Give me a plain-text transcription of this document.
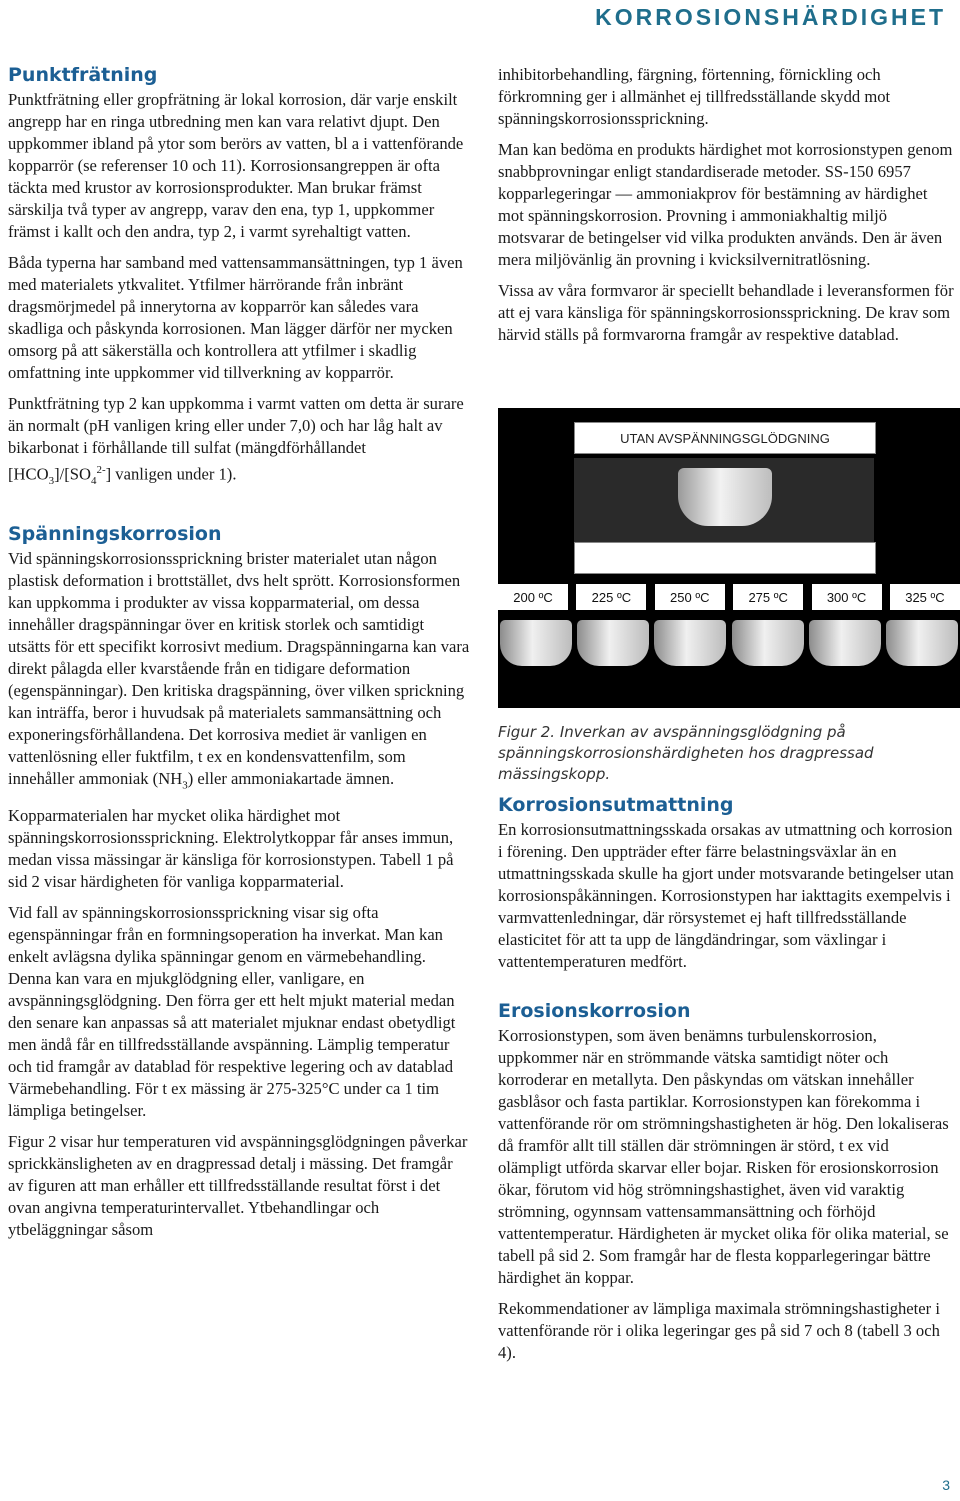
KORROSIONSHÄRDIGHET
Punktfrätning

Punktfrätning eller gropfrätning är lokal korrosion, där varje enskilt angrepp har en ringa utbredning men kan vara relativt djupt. Den uppkommer ibland på ytor som berörs av vatten, bl a i vattenförande kopparrör (se referenser 10 och 11). Korrosionsangreppen är ofta täckta med krustor av korrosionsprodukter. Man brukar främst särskilja två typer av angrepp, varav den ena, typ 1, uppkommer främst i kallt och den andra, typ 2, i varmt syrehaltigt vatten.

Båda typerna har samband med vattensammansättningen, typ 1 även med materialets ytkvalitet. Ytfilmer härrörande från inbränt dragsmörjmedel på innerytorna av kopparrör kan således vara skadliga och påskynda korrosionen. Man lägger därför ner mycken omsorg på att säkerställa och kontrollera att ytfilmer i skadlig omfattning inte uppkommer vid tillverkning av kopparrör.

Punktfrätning typ 2 kan uppkomma i varmt vatten om detta är surare än normalt (pH vanligen kring eller under 7,0) och har låg halt av bikarbonat i förhållande till sulfat (mängdförhållandet $[HCO_3]/[SO_4^{2-}]$ vanligen under 1).

Spänningskorrosion

Vid spänningskorrosionssprickning brister materialet utan någon plastisk deformation i brottstället, dvs helt sprött. Korrosionsformen kan uppkomma i produkter av vissa kopparmaterial, om dessa innehåller dragspänningar över en kritisk storlek och samtidigt utsätts för ett specifikt korrosivt medium. Dragspänningarna kan vara direkt pålagda eller kvarstående från en tidigare deformation (egenspänningar). Den kritiska dragspänning, över vilken sprickning kan inträffa, beror i huvudsak på materialets sammansättning och exponeringsförhållandena. Det korrosiva mediet är vanligen en vattenlösning eller fuktfilm, t ex en kondensvattenfilm, som innehåller ammoniak $(NH_3)$ eller ammoniakartade ämnen.

Kopparmaterialen har mycket olika härdighet mot spänningskorrosionssprickning. Elektrolytkoppar får anses immun, medan vissa mässingar är känsliga för korrosionstypen. Tabell 1 på sid 2 visar härdigheten för vanliga kopparmaterial.

Vid fall av spänningskorrosionssprickning visar sig ofta egenspänningar från en formningsoperation ha inverkat. Man kan enkelt avlägsna dylika spänningar genom en värmebehandling. Denna kan vara en mjukglödgning eller, vanligare, en avspänningsglödgning. Den förra ger ett helt mjukt material medan den senare kan anpassas så att materialet mjuknar endast obetydligt men ändå får en tillfredsställande avspänning. Lämplig temperatur och tid framgår av datablad för respektive legering och av datablad Värmebehandling. För t ex mässing är 275-325°C under ca 1 tim lämpliga betingelser.

Figur 2 visar hur temperaturen vid avspänningsglödgningen påverkar sprickkänsligheten av en dragpressad detalj i mässing. Det framgår av figuren att man erhåller ett tillfredsställande resultat först i det ovan angivna temperaturintervallet. Ytbehandlingar och ytbeläggningar såsom

inhibitorbehandling, färgning, förtenning, förnickling och förkromning ger i allmänhet ej tillfredsställande skydd mot spänningskorrosionssprickning.

Man kan bedöma en produkts härdighet mot korrosionstypen genom snabbprovningar enligt standardiserade metoder. SS-150 6957 kopparlegeringar — ammoniakprov för bestämning av härdighet mot spänningskorrosion. Provning i ammoniakhaltig miljö motsvarar de betingelser vid vilka produkten används. Den är även mera miljövänlig än provning i kvicksilvernitratlösning.

Vissa av våra formvaror är speciellt behandlade i leveransformen för att ej vara känsliga för spänningskorrosionssprickning. De krav som härvid ställs på formvarorna framgår av respektive datablad.

UTAN AVSPÄNNINGSGLÖDGNING
200 ºC	225 ºC	250 ºC	275 ºC	300 ºC	325 ºC

Figur 2. Inverkan av avspänningsglödgning på spänningskorrosionshärdigheten hos dragpressad mässingskopp.

Korrosionsutmattning

En korrosionsutmattningsskada orsakas av utmattning och korrosion i förening. Den uppträder efter färre belastningsväxlar än en utmattningsskada skulle ha gjort under motsvarande betingelser utan korrosionspåkänningen. Korrosionstypen har iakttagits exempelvis i varmvattenledningar, där rörsystemet ej haft tillfredsställande elasticitet för att ta upp de längdändringar, som växlingar i vattentemperaturen medfört.

Erosionskorrosion

Korrosionstypen, som även benämns turbulenskorrosion, uppkommer när en strömmande vätska samtidigt nöter och korroderar en metallyta. Den påskyndas om vätskan innehåller gasblåsor och fasta partiklar. Korrosionstypen kan förekomma i vattenförande rör om strömningshastigheten är hög. Den lokaliseras då framför allt till ställen där strömningen är störd, t ex vid olämpligt utförda skarvar eller bojar. Risken för erosionskorrosion ökar, förutom vid hög strömningshastighet, även vid varaktig strömning, ogynnsam vattensammansättning och förhöjd vattentemperatur. Härdigheten är mycket olika för olika material, se tabell på sid 2. Som framgår har de flesta kopparlegeringar bättre härdighet än koppar.

Rekommendationer av lämpliga maximala strömningshastigheter i vattenförande rör i olika legeringar ges på sid 7 och 8 (tabell 3 och 4).

3
